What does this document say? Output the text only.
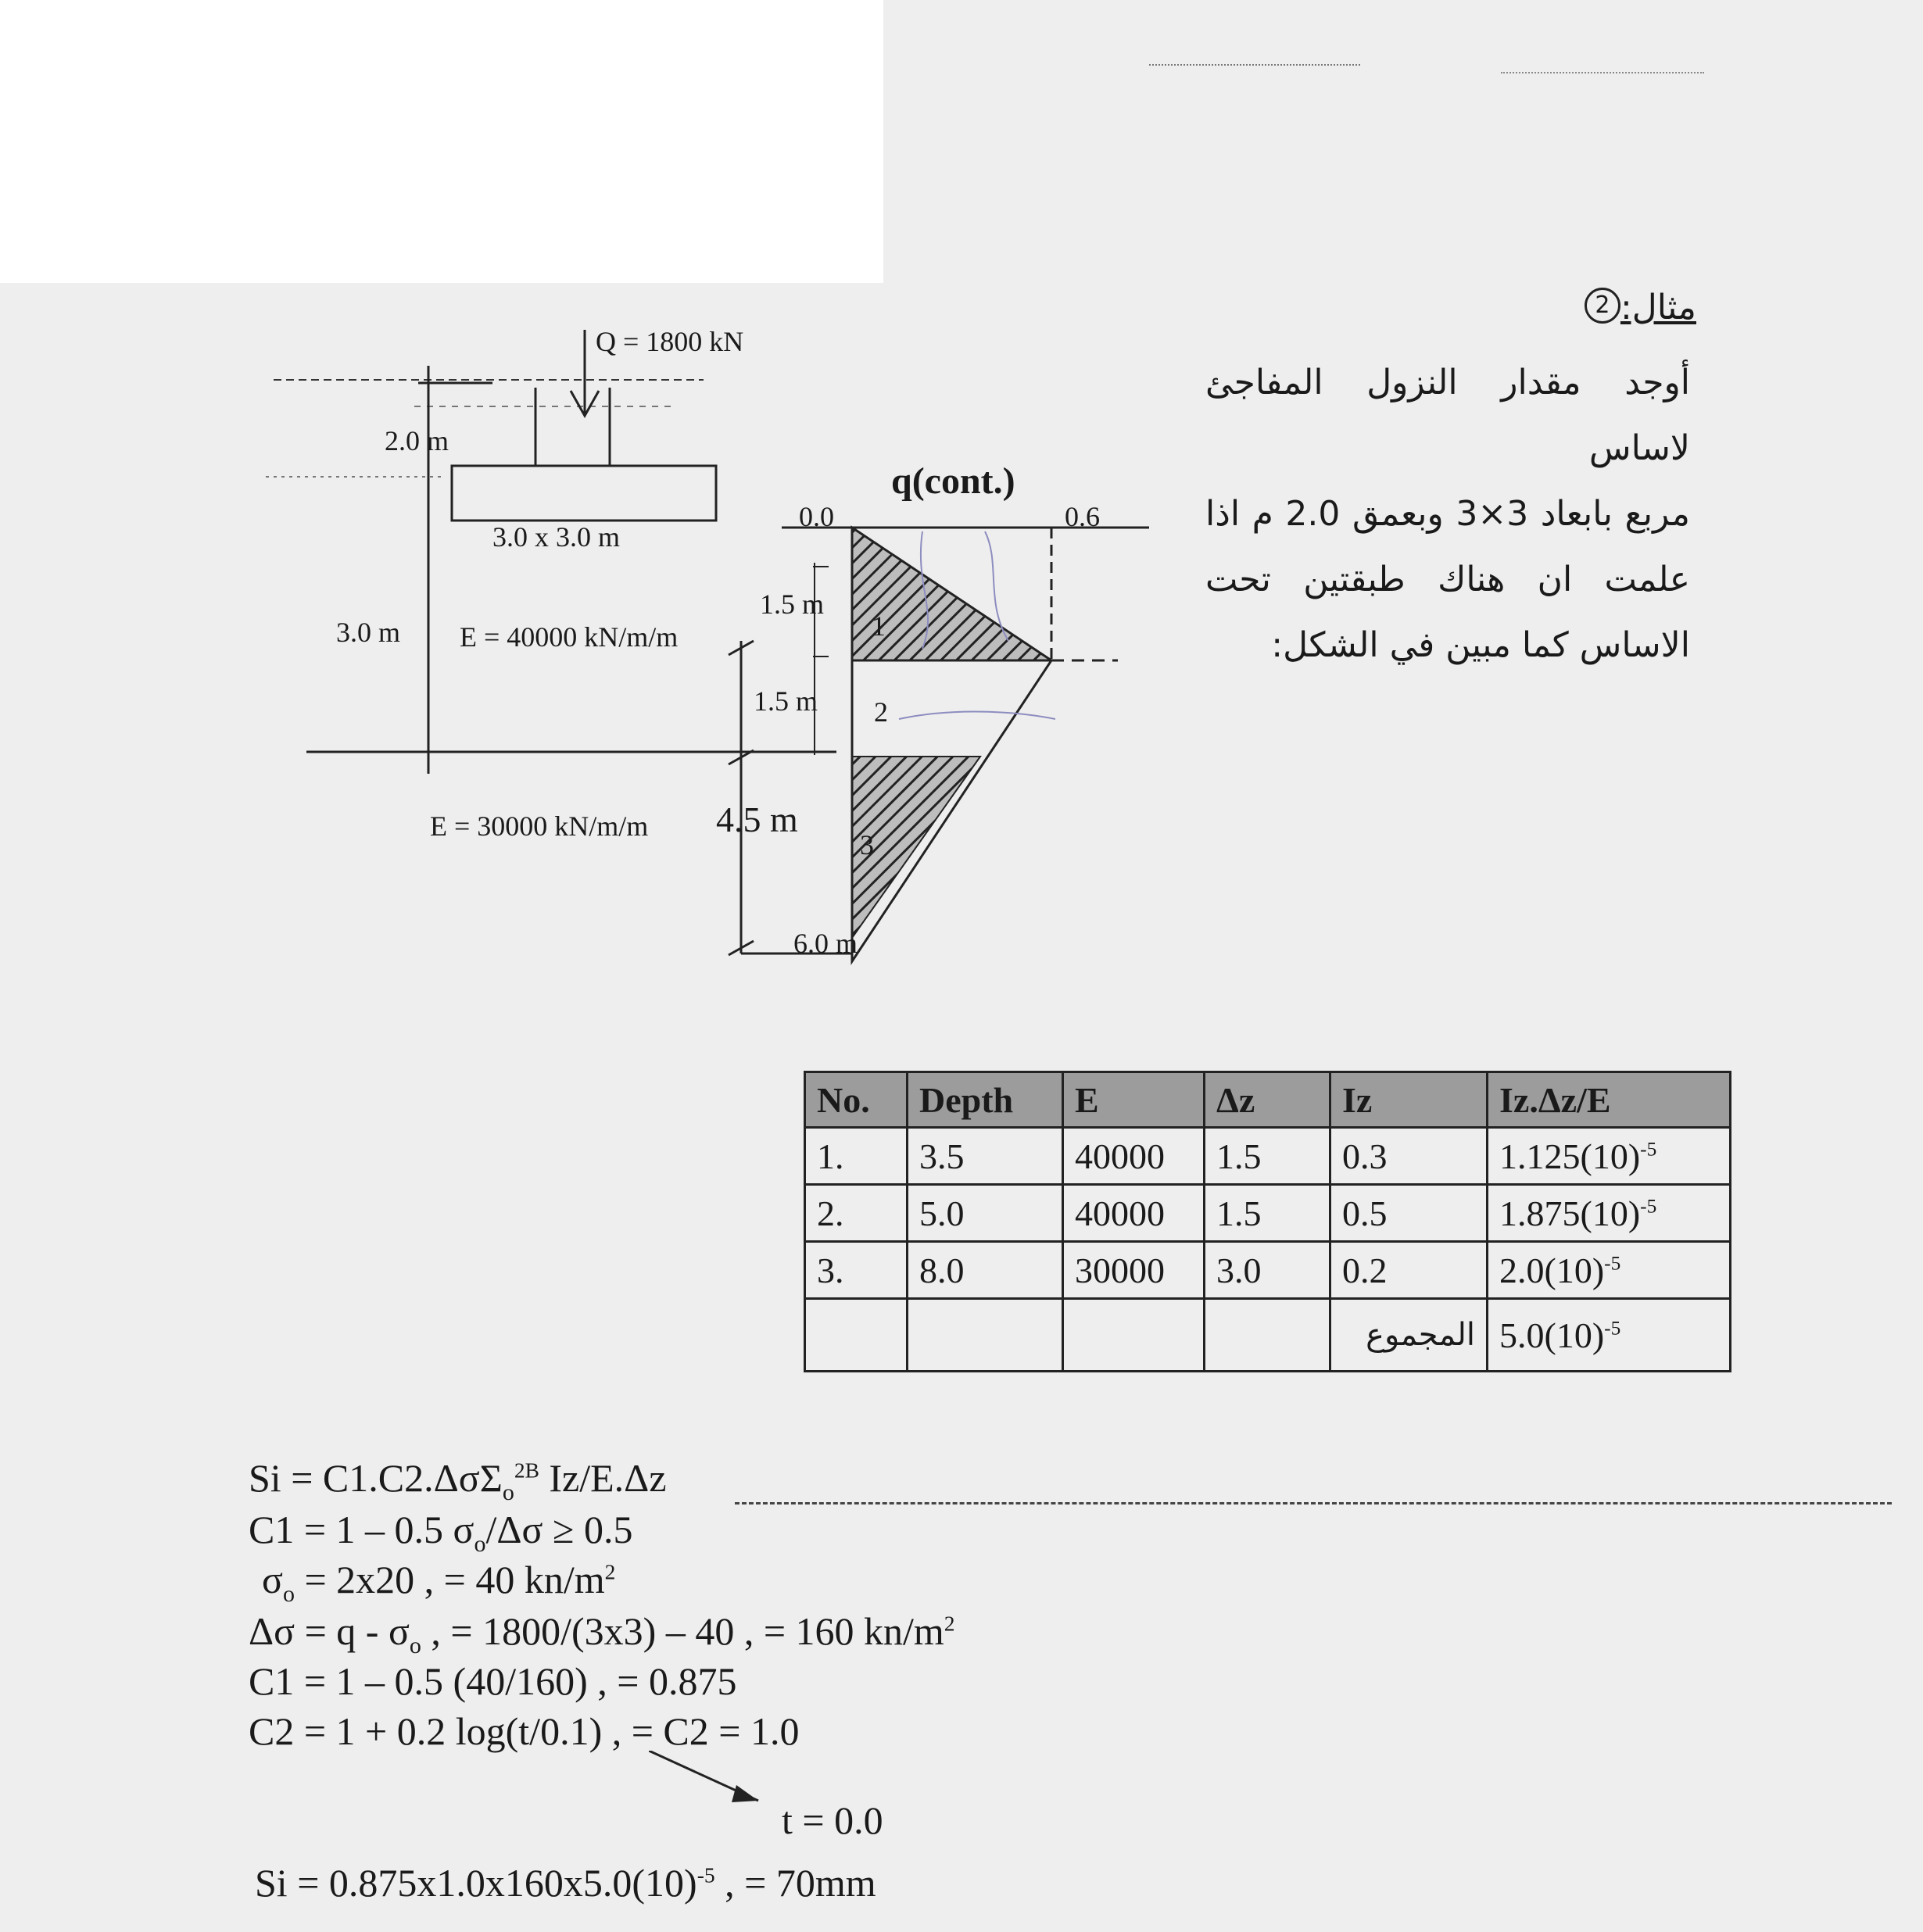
مثال:2
أوجد مقدار النزول المفاجئ لاساس
مربع بابعاد 3×3 وبعمق 2.0 م اذا
علمت ان هناك طبقتين تحت
الاساس كما مبين في الشكل:
Q = 1800 kN
2.0 m
3.0 x 3.0 m
3.0 m E = 40000 kN/m/m
E = 30000 kN/m/m
q(cont.)
0.0	0.6
1.5 m
1.5 m
4.5 m
6.0 m
1
2
3
No.	Depth	E	Δz	Iz	Iz.Δz/E
1.	3.5	40000	1.5	0.3	$1.125(10)^{-5}$
2.	5.0	40000	1.5	0.5	$1.875(10)^{-5}$
3.	8.0	30000	3.0	0.2	$2.0(10)^{-5}$
				المجموع	$5.0(10)^{-5}$
Si = C1.C2.ΔσΣ$_o^{2B}$ Iz/E.Δz
C1 = 1 – 0.5 $\sigma_o/\Delta\sigma \ge 0.5$
$\sigma_o = 2x20$ , = 40 $kn/m^2$
$\Delta\sigma = q - \sigma_o$ , = 1800/(3x3) – 40 , = 160 $kn/m^2$
C1 = 1 – 0.5 (40/160) , = 0.875
C2 = 1 + 0.2 log(t/0.1) , = C2 = 1.0
t = 0.0
$Si = 0.875x1.0x160x5.0(10)^{-5}$ , = 70mm
